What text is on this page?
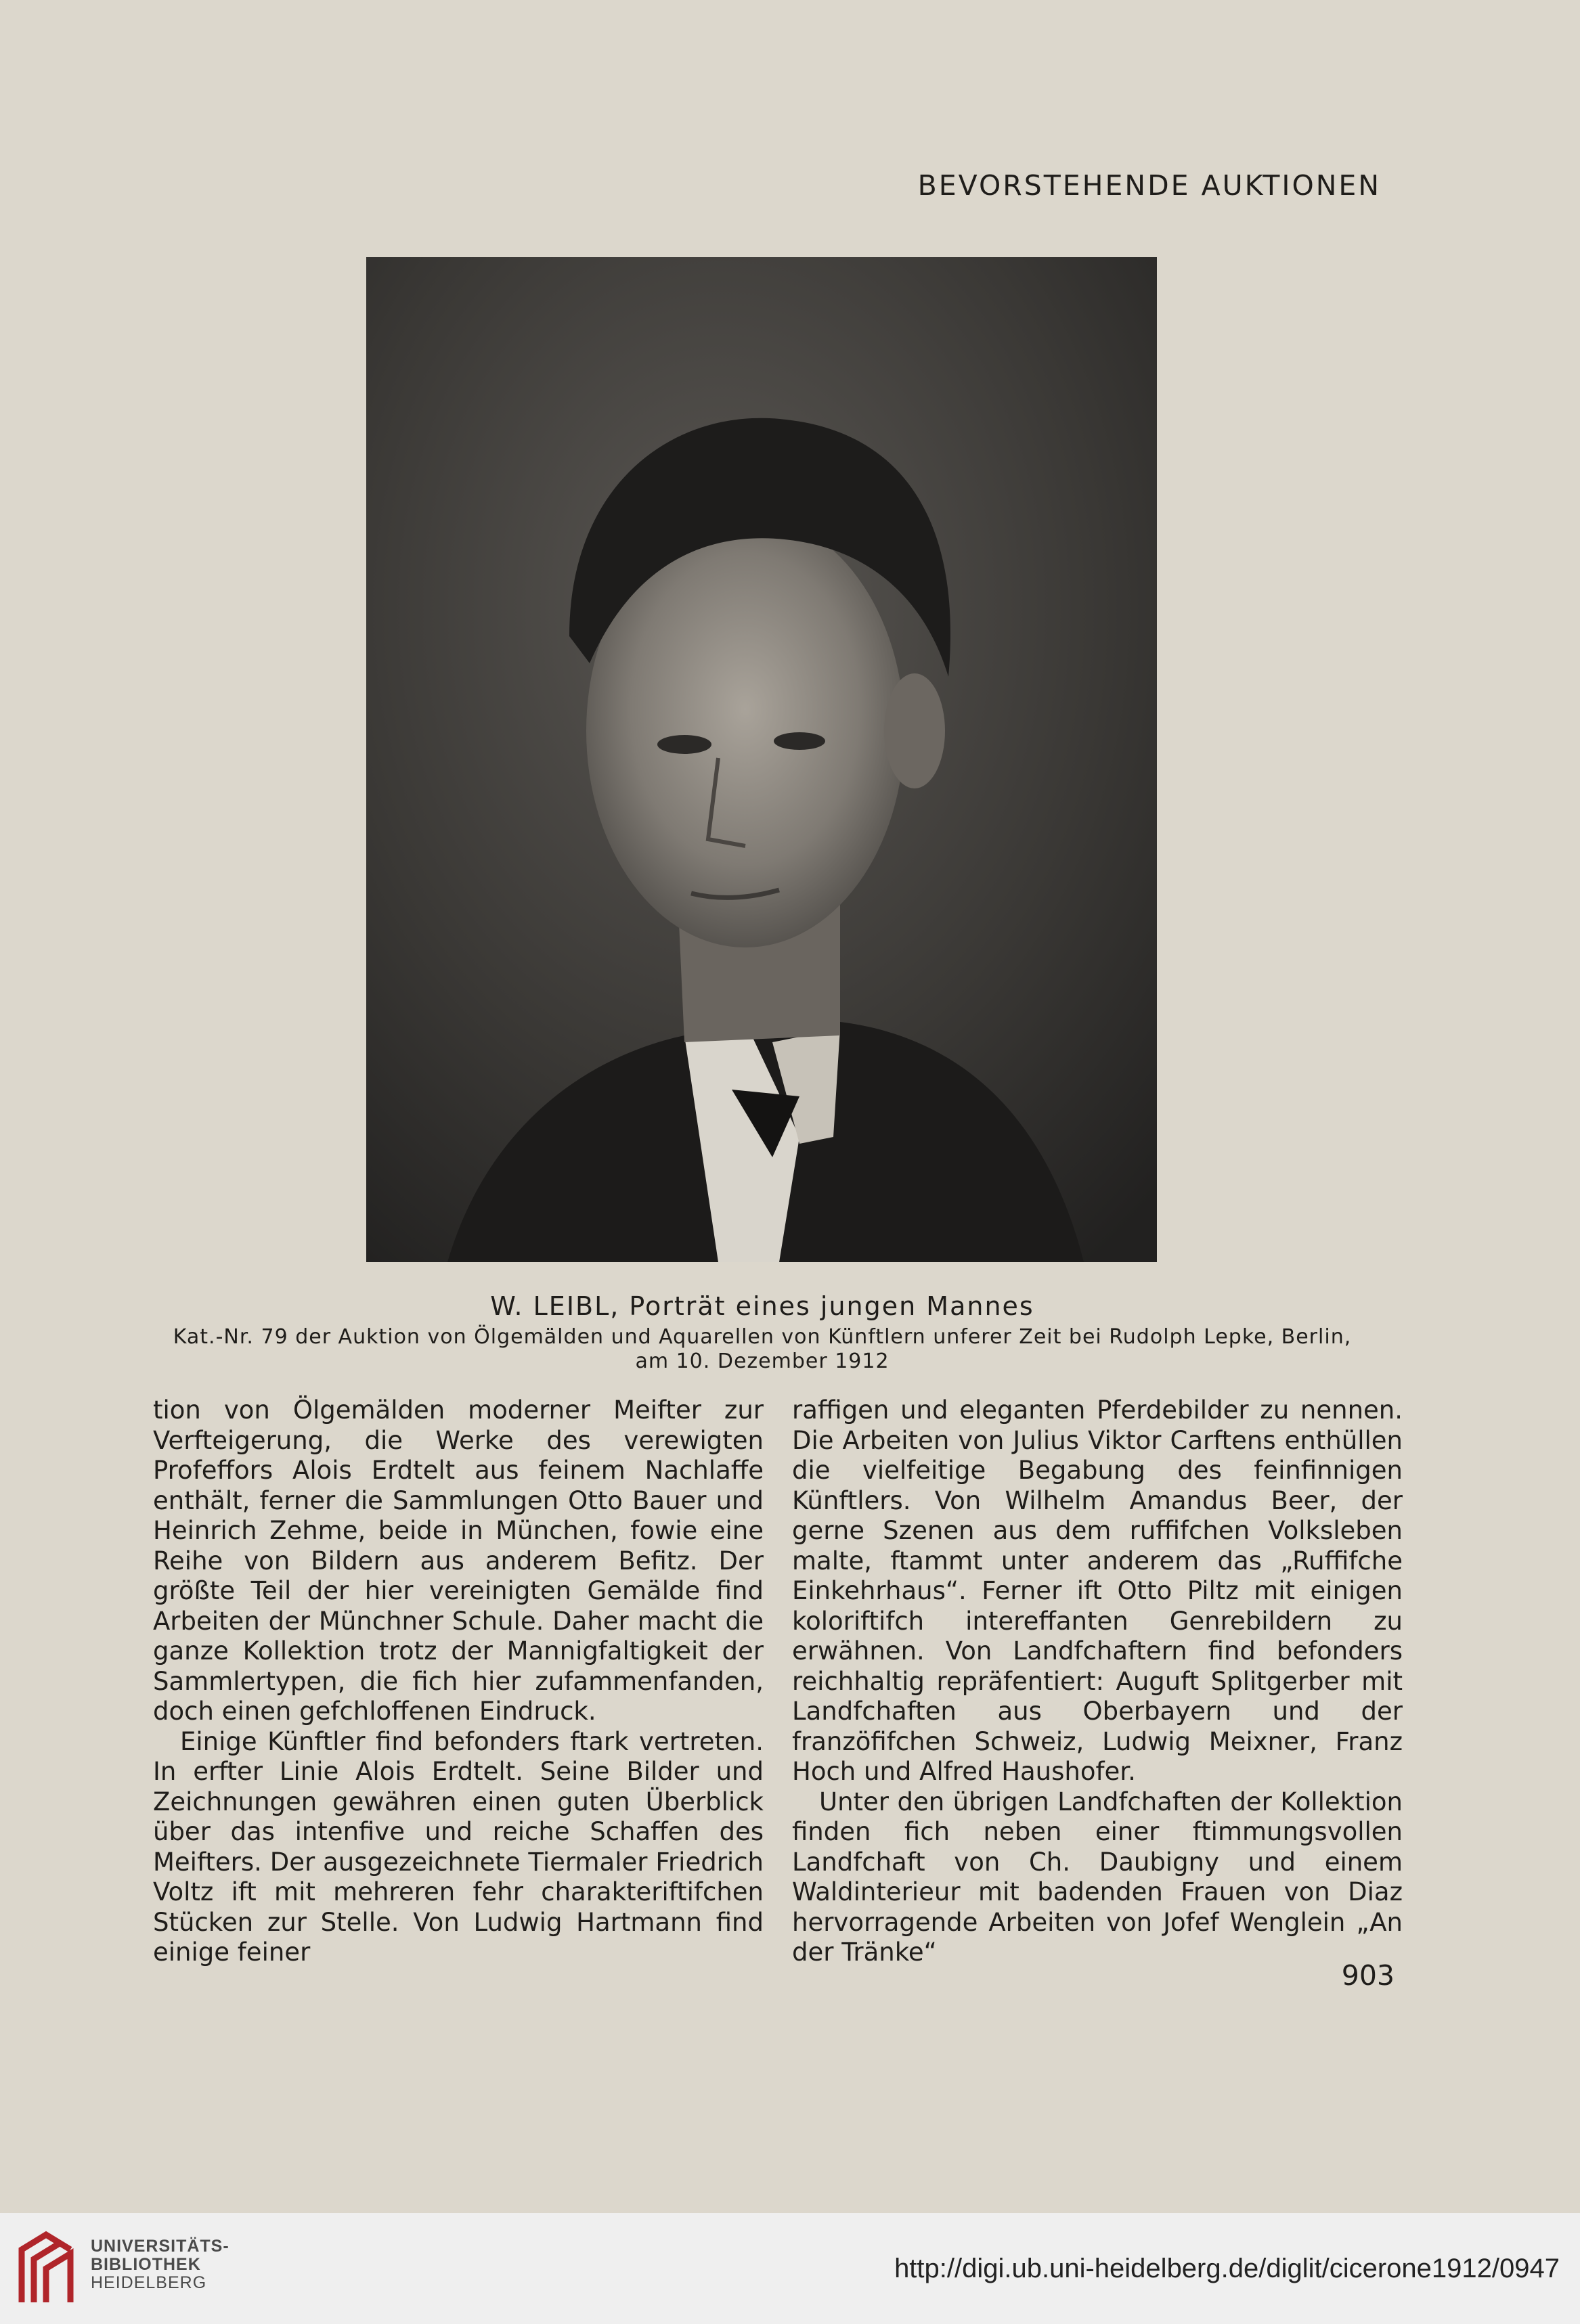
BEVORSTEHENDE AUKTIONEN
W. LEIBL, Porträt eines jungen Mannes
Kat.-Nr. 79 der Auktion von Ölgemälden und Aquarellen von Künftlern unferer Zeit bei Rudolph Lepke, Berlin,
am 10. Dezember 1912

tion von Ölgemälden moderner Meifter zur Verfteigerung, die Werke des verewigten Profeffors Alois Erdtelt aus feinem Nachlaffe enthält, ferner die Sammlungen Otto Bauer und Heinrich Zehme, beide in München, fowie eine Reihe von Bildern aus anderem Befitz. Der größte Teil der hier vereinigten Gemälde find Arbeiten der Münchner Schule. Daher macht die ganze Kollektion trotz der Mannigfaltigkeit der Sammlertypen, die fich hier zufammenfanden, doch einen gefchloffenen Eindruck.

Einige Künftler find befonders ftark vertreten. In erfter Linie Alois Erdtelt. Seine Bilder und Zeichnungen gewähren einen guten Überblick über das intenfive und reiche Schaffen des Meifters. Der ausgezeichnete Tiermaler Friedrich Voltz ift mit mehreren fehr charakteriftifchen Stücken zur Stelle. Von Ludwig Hartmann find einige feiner

raffigen und eleganten Pferdebilder zu nennen. Die Arbeiten von Julius Viktor Carftens enthüllen die vielfeitige Begabung des feinfinnigen Künftlers. Von Wilhelm Amandus Beer, der gerne Szenen aus dem ruffifchen Volksleben malte, ftammt unter anderem das „Ruffifche Einkehrhaus“. Ferner ift Otto Piltz mit einigen koloriftifch intereffanten Genrebildern zu erwähnen. Von Landfchaftern find befonders reichhaltig repräfentiert: Auguft Splitgerber mit Landfchaften aus Oberbayern und der franzöfifchen Schweiz, Ludwig Meixner, Franz Hoch und Alfred Haushofer.

Unter den übrigen Landfchaften der Kollektion finden fich neben einer ftimmungsvollen Landfchaft von Ch. Daubigny und einem Waldinterieur mit badenden Frauen von Diaz hervorragende Arbeiten von Jofef Wenglein „An der Tränke“

903
UNIVERSITÄTS-
BIBLIOTHEK
HEIDELBERG	http://digi.ub.uni-heidelberg.de/diglit/cicerone1912/0947
